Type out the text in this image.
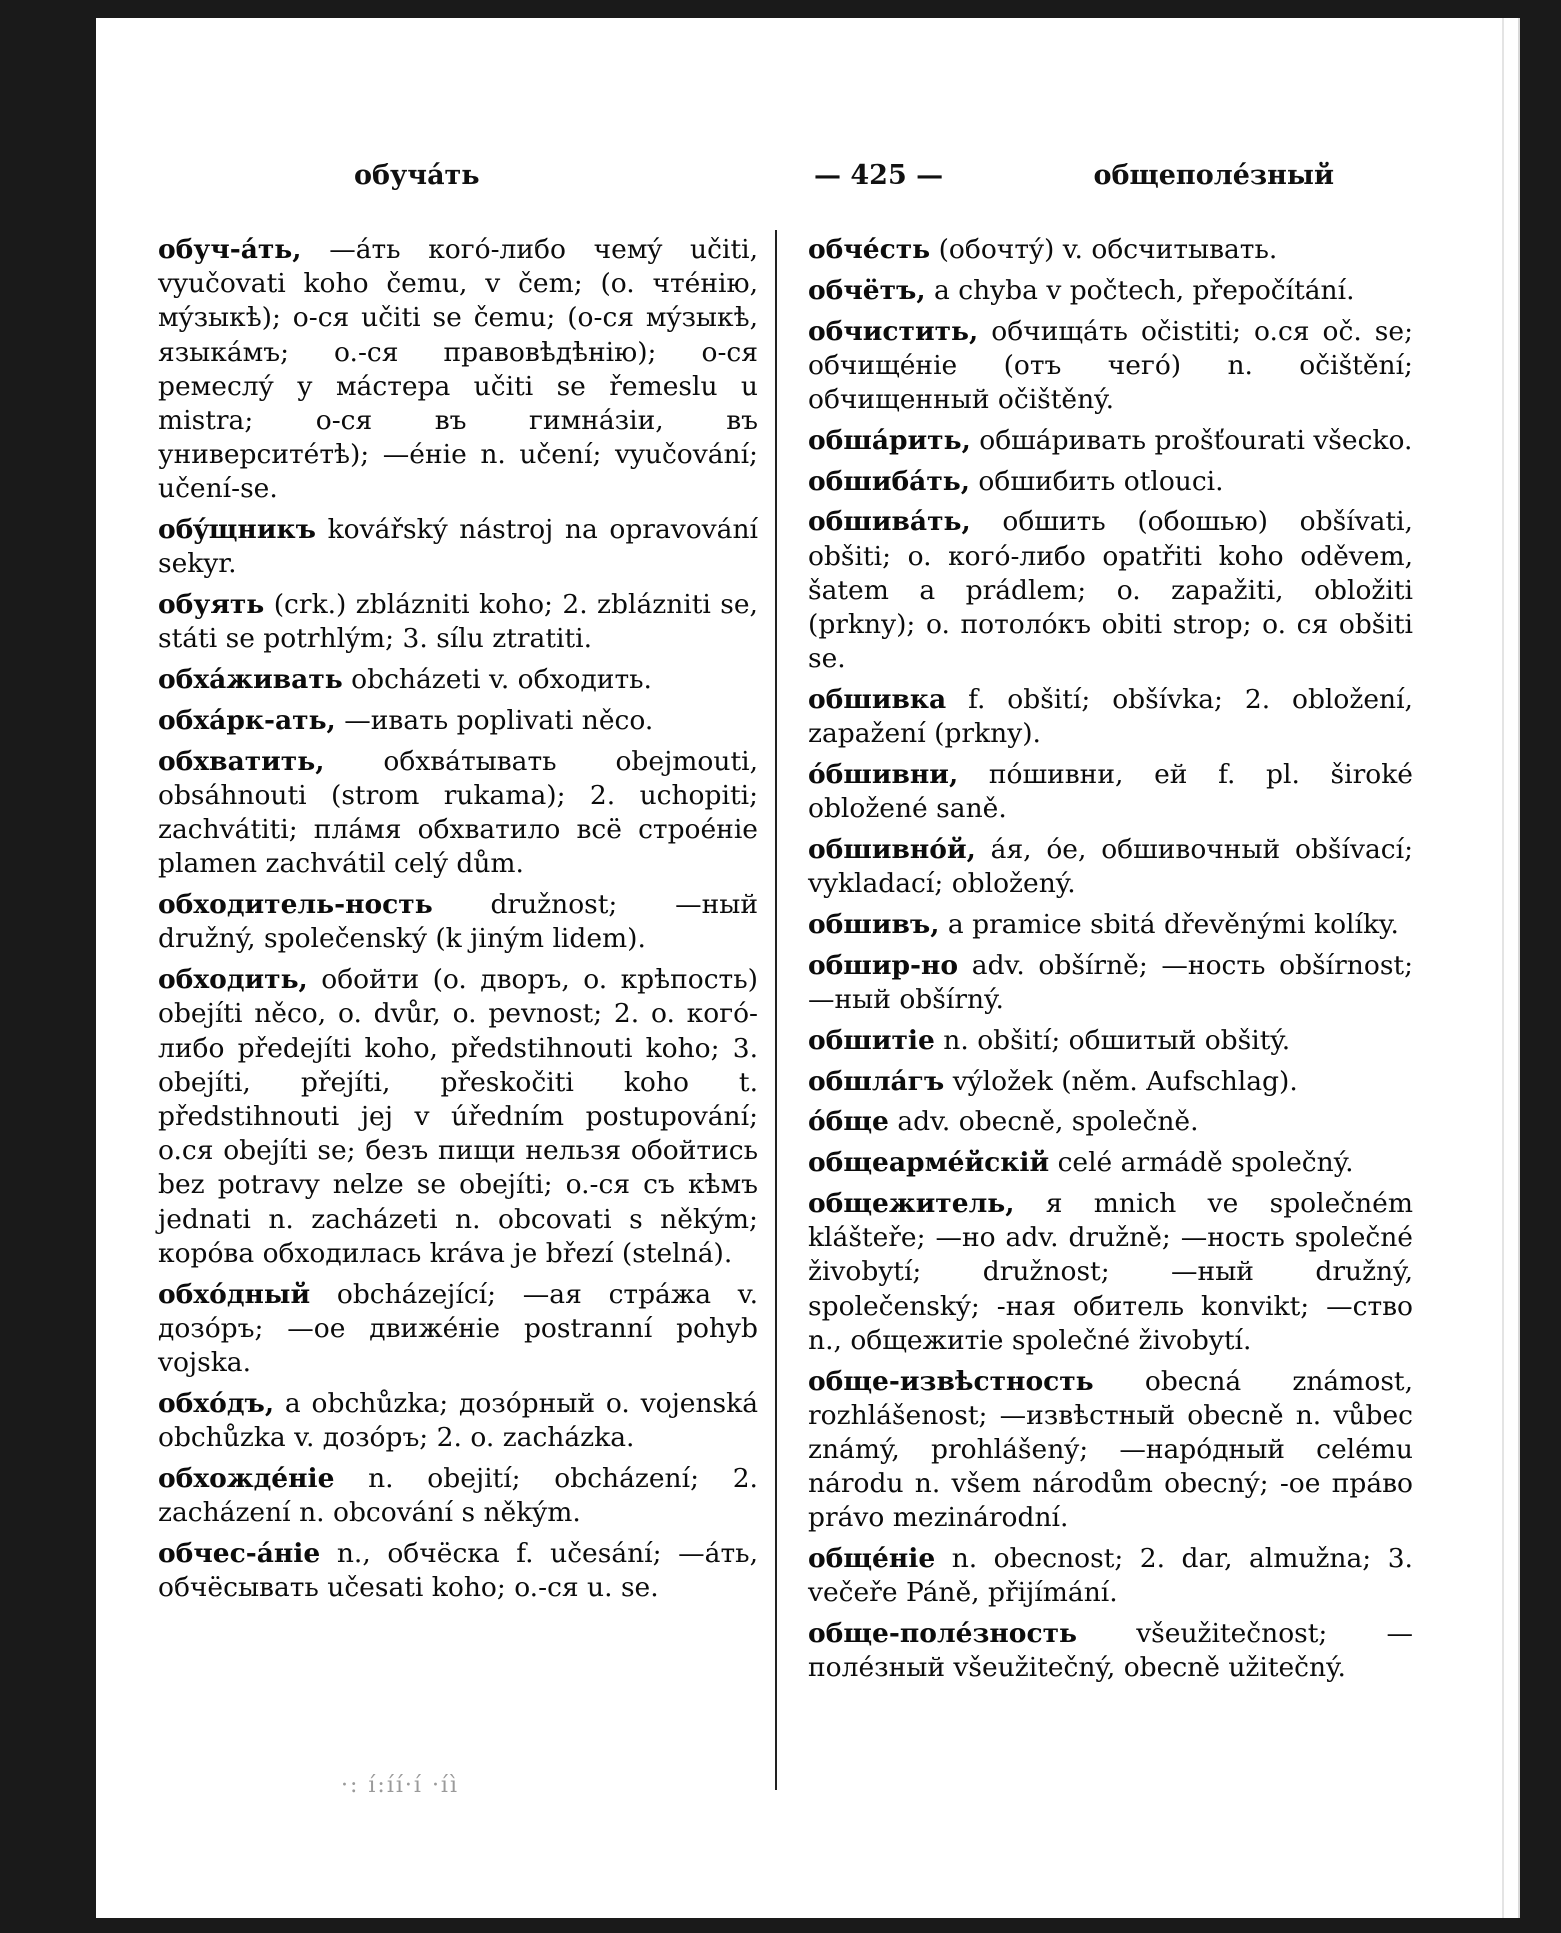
обучáть	— 425 —	общеполéзный

обуч-áть, —áть когó-либо чемý učiti, vyučovati koho čemu, v čem; (o. чтéнію, мýзыкѣ); o-ся učiti se čemu; (o-ся мýзыкѣ, языкáмъ; o.-ся правовѣдѣнію); o-ся ремеслý у мáстера učiti se řemeslu u mistra; o-ся въ гимнáзіи, въ университéтѣ); —éніе n. učení; vyučování; učení-se.

обýщникъ kovářský nástroj na opravování sekyr.

обуять (crk.) zblázniti koho; 2. zblázniti se, státi se potrhlým; 3. sílu ztratiti.

обхáживать obcházeti v. обходить.

обхáрк-ать, —ивать poplivati něco.

обхватить, обхвáтывать obejmouti, obsáhnouti (strom rukama); 2. uchopiti; zachvátiti; плáмя обхватило всё строéніе plamen zachvátil celý dům.

обходитель-ность družnost; —ный družný, společenský (k jiným lidem).

обходить, обойти (o. дворъ, o. крѣпость) obejíti něco, o. dvůr, o. pevnost; 2. o. когó-либо předejíti koho, předstihnouti koho; 3. obejíti, přejíti, přeskočiti koho t. předstihnouti jej v úředním postupování; o.ся obejíti se; безъ пищи нельзя обойтись bez potravy nelze se obejíti; o.-ся съ кѣмъ jednati n. zacházeti n. obcovati s někým; корóва обходилась kráva je březí (stelná).

обхóдный obcházející; —ая стрáжа v. дозóръ; —ое движéніе postranní pohyb vojska.

обхóдъ, a obchůzka; дозóрный o. vojenská obchůzka v. дозóръ; 2. o. zacházka.

обхождéніе n. obejití; obcházení; 2. zacházení n. obcování s někým.

обчес-áніе n., обчёска f. učesání; —áть, обчёсывать učesati koho; o.-ся u. se.

обчéсть (обочтý) v. обсчитывать.

обчётъ, a chyba v počtech, přepočítání.

обчистить, обчищáть očistiti; o.ся oč. se; обчищéніе (отъ чегó) n. očištění; обчищенный očištěný.

обшáрить, обшáривать prošťourati všecko.

обшибáть, обшибить otlouci.

обшивáть, обшить (обошью) obšívati, obšiti; o. когó-либо opatřiti koho oděvem, šatem a prádlem; o. zapažiti, obložiti (prkny); o. потолóкъ obiti strop; o. ся obšiti se.

обшивка f. obšití; obšívka; 2. obložení, zapažení (prkny).

óбшивни, пóшивни, ей f. pl. široké obložené saně.

обшивнóй, áя, óе, обшивочный obšívací; vykladací; obložený.

обшивъ, a pramice sbitá dřevěnými kolíky.

обшир-но adv. obšírně; —ность obšírnost; —ный obšírný.

обшитіе n. obšití; обшитый obšitý.

обшлáгъ výložek (něm. Aufschlag).

óбще adv. obecně, společně.

общеармéйскій celé armádě společný.

общежитель, я mnich ve společném klášteře; —но adv. družně; —ность společné živobytí; družnost; —ный družný, společenský; -ная обитель konvikt; —ство n., общежитіе společné živobytí.

обще-извѣстность obecná známost, rozhlášenost; —извѣстный obecně n. vůbec známý, prohlášený; —нарóдный celému národu n. všem národům obecný; -ое прáво právo mezinárodní.

общéніе n. obecnost; 2. dar, almužna; 3. večeře Páně, přijímání.

обще-полéзность všeužitečnost; —полéзный všeužitečný, obecně užitečný.

·: í:íí·í ·íì
